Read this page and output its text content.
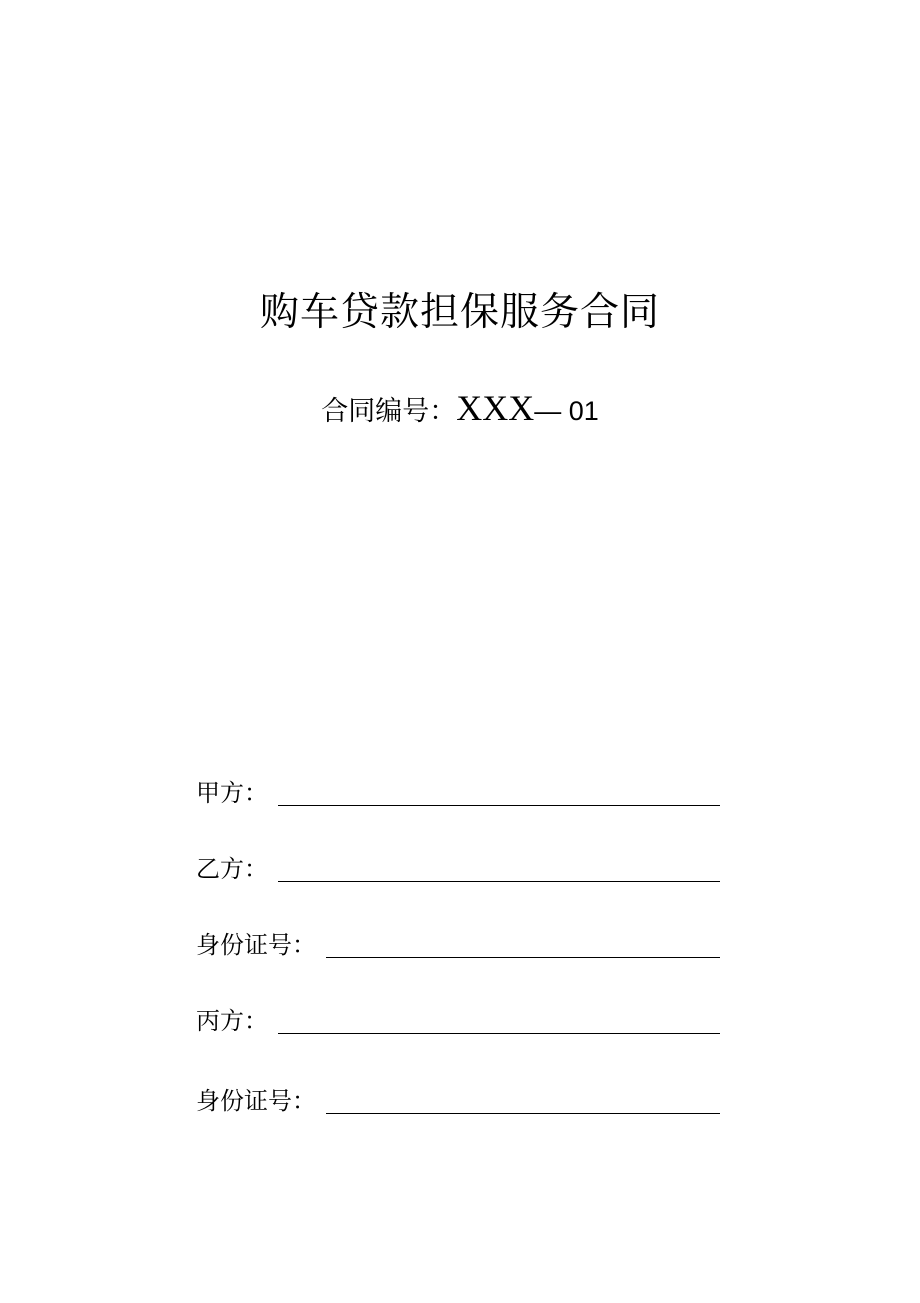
购车贷款担保服务合同
合同编号：XXX— 01
甲方：
乙方：
身份证号：
丙方：
身份证号：
